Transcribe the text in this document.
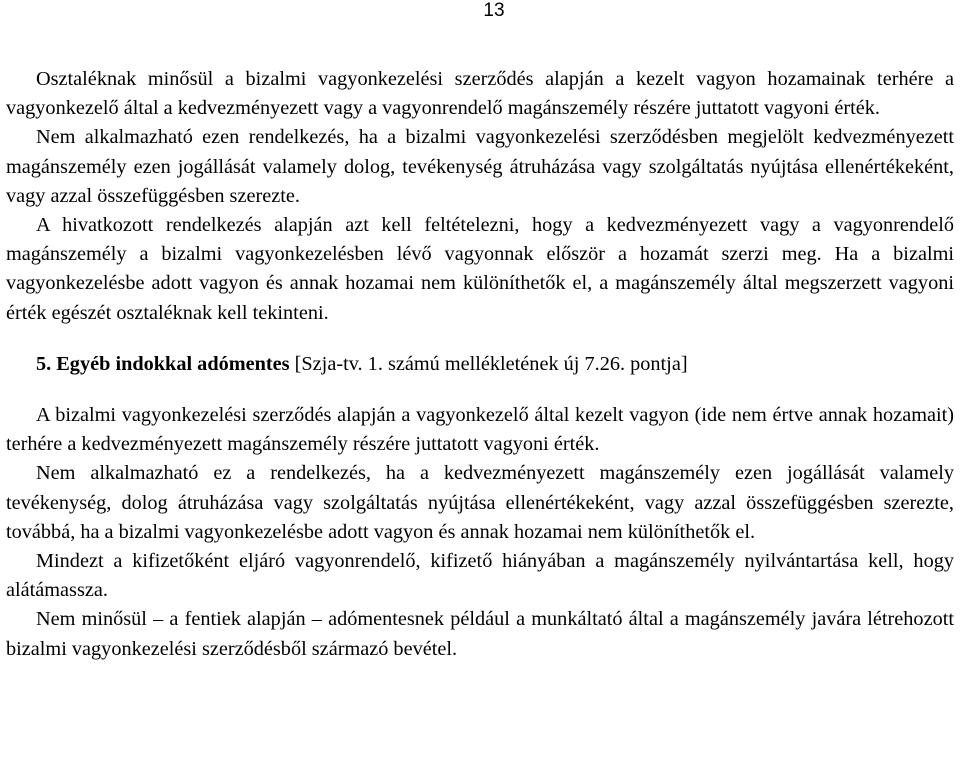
13

Osztaléknak minősül a bizalmi vagyonkezelési szerződés alapján a kezelt vagyon hozamainak terhére a vagyonkezelő által a kedvezményezett vagy a vagyonrendelő magánszemély részére juttatott vagyoni érték.

Nem alkalmazható ezen rendelkezés, ha a bizalmi vagyonkezelési szerződésben megjelölt kedvezményezett magánszemély ezen jogállását valamely dolog, tevékenység átruházása vagy szolgáltatás nyújtása ellenértékeként, vagy azzal összefüggésben szerezte.

A hivatkozott rendelkezés alapján azt kell feltételezni, hogy a kedvezményezett vagy a vagyonrendelő magánszemély a bizalmi vagyonkezelésben lévő vagyonnak először a hozamát szerzi meg. Ha a bizalmi vagyonkezelésbe adott vagyon és annak hozamai nem különíthetők el, a magánszemély által megszerzett vagyoni érték egészét osztaléknak kell tekinteni.

5. Egyéb indokkal adómentes [Szja-tv. 1. számú mellékletének új 7.26. pontja]

A bizalmi vagyonkezelési szerződés alapján a vagyonkezelő által kezelt vagyon (ide nem értve annak hozamait) terhére a kedvezményezett magánszemély részére juttatott vagyoni érték.

Nem alkalmazható ez a rendelkezés, ha a kedvezményezett magánszemély ezen jogállását valamely tevékenység, dolog átruházása vagy szolgáltatás nyújtása ellenértékeként, vagy azzal összefüggésben szerezte, továbbá, ha a bizalmi vagyonkezelésbe adott vagyon és annak hozamai nem különíthetők el.

Mindezt a kifizetőként eljáró vagyonrendelő, kifizető hiányában a magánszemély nyilvántartása kell, hogy alátámassza.

Nem minősül – a fentiek alapján – adómentesnek például a munkáltató által a magánszemély javára létrehozott bizalmi vagyonkezelési szerződésből származó bevétel.
